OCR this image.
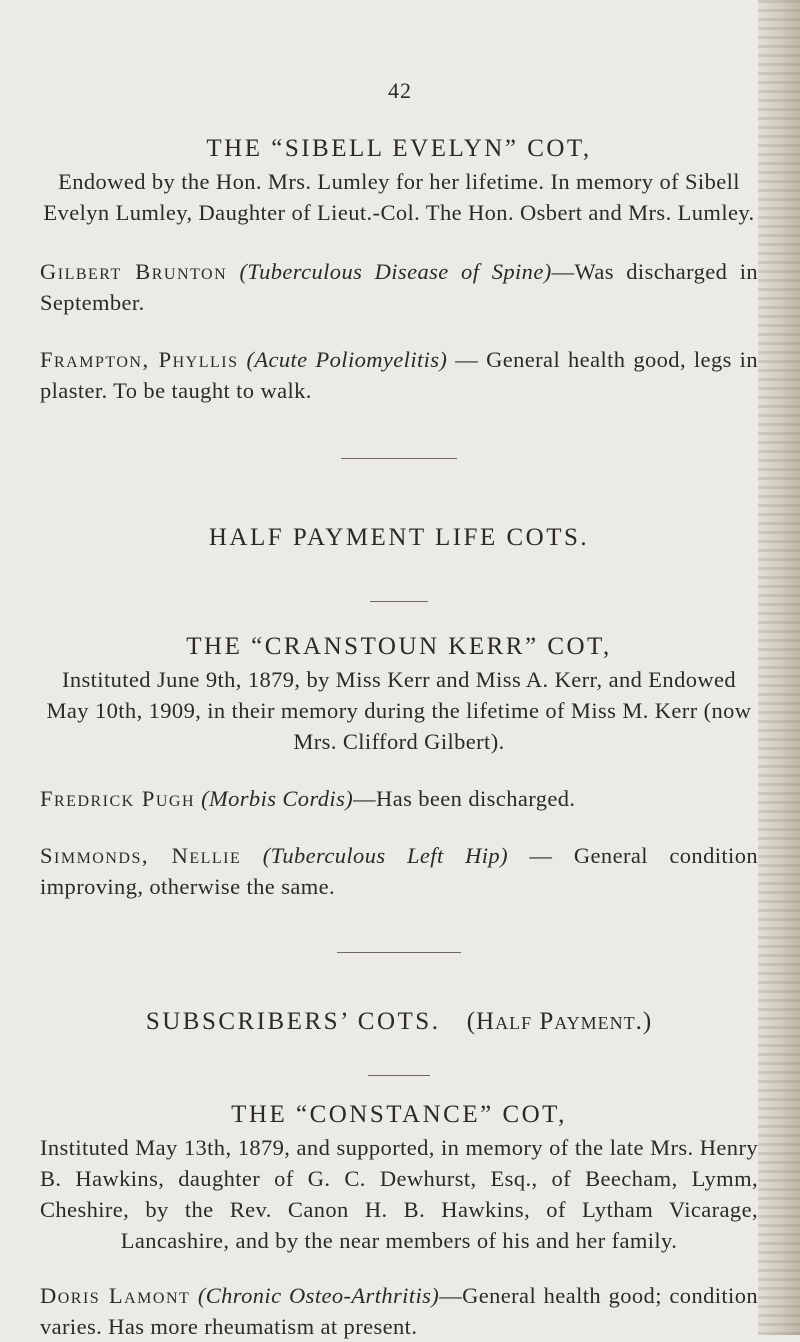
42
THE “SIBELL EVELYN” COT,

Endowed by the Hon. Mrs. Lumley for her lifetime. In memory of Sibell Evelyn Lumley, Daughter of Lieut.-Col. The Hon. Osbert and Mrs. Lumley.

Gilbert Brunton (Tuberculous Disease of Spine)—Was discharged in September.

Frampton, Phyllis (Acute Poliomyelitis) — General health good, legs in plaster. To be taught to walk.

HALF PAYMENT LIFE COTS.
THE “CRANSTOUN KERR” COT,

Instituted June 9th, 1879, by Miss Kerr and Miss A. Kerr, and Endowed May 10th, 1909, in their memory during the lifetime of Miss M. Kerr (now Mrs. Clifford Gilbert).

Fredrick Pugh (Morbis Cordis)—Has been discharged.

Simmonds, Nellie (Tuberculous Left Hip) — General condition improving, otherwise the same.

SUBSCRIBERS’ COTS. (Half Payment.)
THE “CONSTANCE” COT,

Instituted May 13th, 1879, and supported, in memory of the late Mrs. Henry B. Hawkins, daughter of G. C. Dewhurst, Esq., of Beecham, Lymm, Cheshire, by the Rev. Canon H. B. Hawkins, of Lytham Vicarage, Lancashire, and by the near members of his and her family.

Doris Lamont (Chronic Osteo-Arthritis)—General health good; condition varies. Has more rheumatism at present.
